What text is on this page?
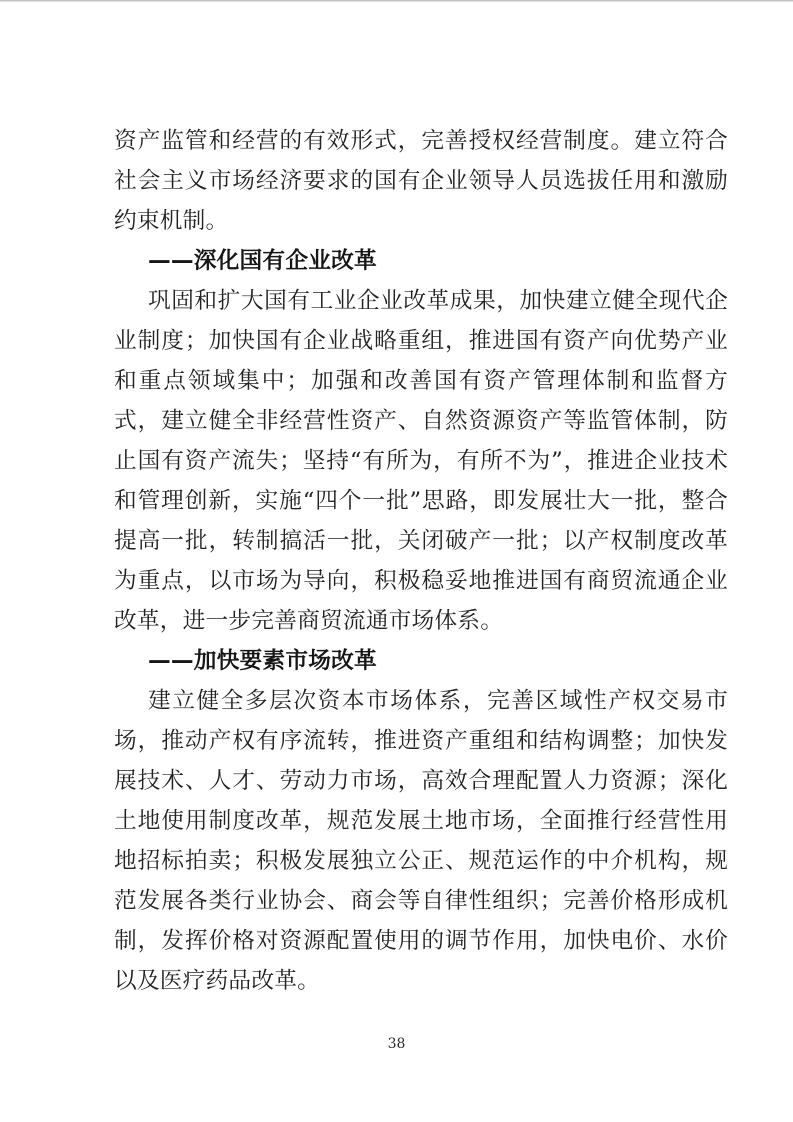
资产监管和经营的有效形式，完善授权经营制度。建立符合社会主义市场经济要求的国有企业领导人员选拔任用和激励约束机制。

——深化国有企业改革

巩固和扩大国有工业企业改革成果，加快建立健全现代企业制度；加快国有企业战略重组，推进国有资产向优势产业和重点领域集中；加强和改善国有资产管理体制和监督方式，建立健全非经营性资产、自然资源资产等监管体制，防止国有资产流失；坚持“有所为，有所不为”，推进企业技术和管理创新，实施“四个一批”思路，即发展壮大一批，整合提高一批，转制搞活一批，关闭破产一批；以产权制度改革为重点，以市场为导向，积极稳妥地推进国有商贸流通企业改革，进一步完善商贸流通市场体系。

——加快要素市场改革

建立健全多层次资本市场体系，完善区域性产权交易市场，推动产权有序流转，推进资产重组和结构调整；加快发展技术、人才、劳动力市场，高效合理配置人力资源；深化土地使用制度改革，规范发展土地市场，全面推行经营性用地招标拍卖；积极发展独立公正、规范运作的中介机构，规范发展各类行业协会、商会等自律性组织；完善价格形成机制，发挥价格对资源配置使用的调节作用，加快电价、水价以及医疗药品改革。

38
